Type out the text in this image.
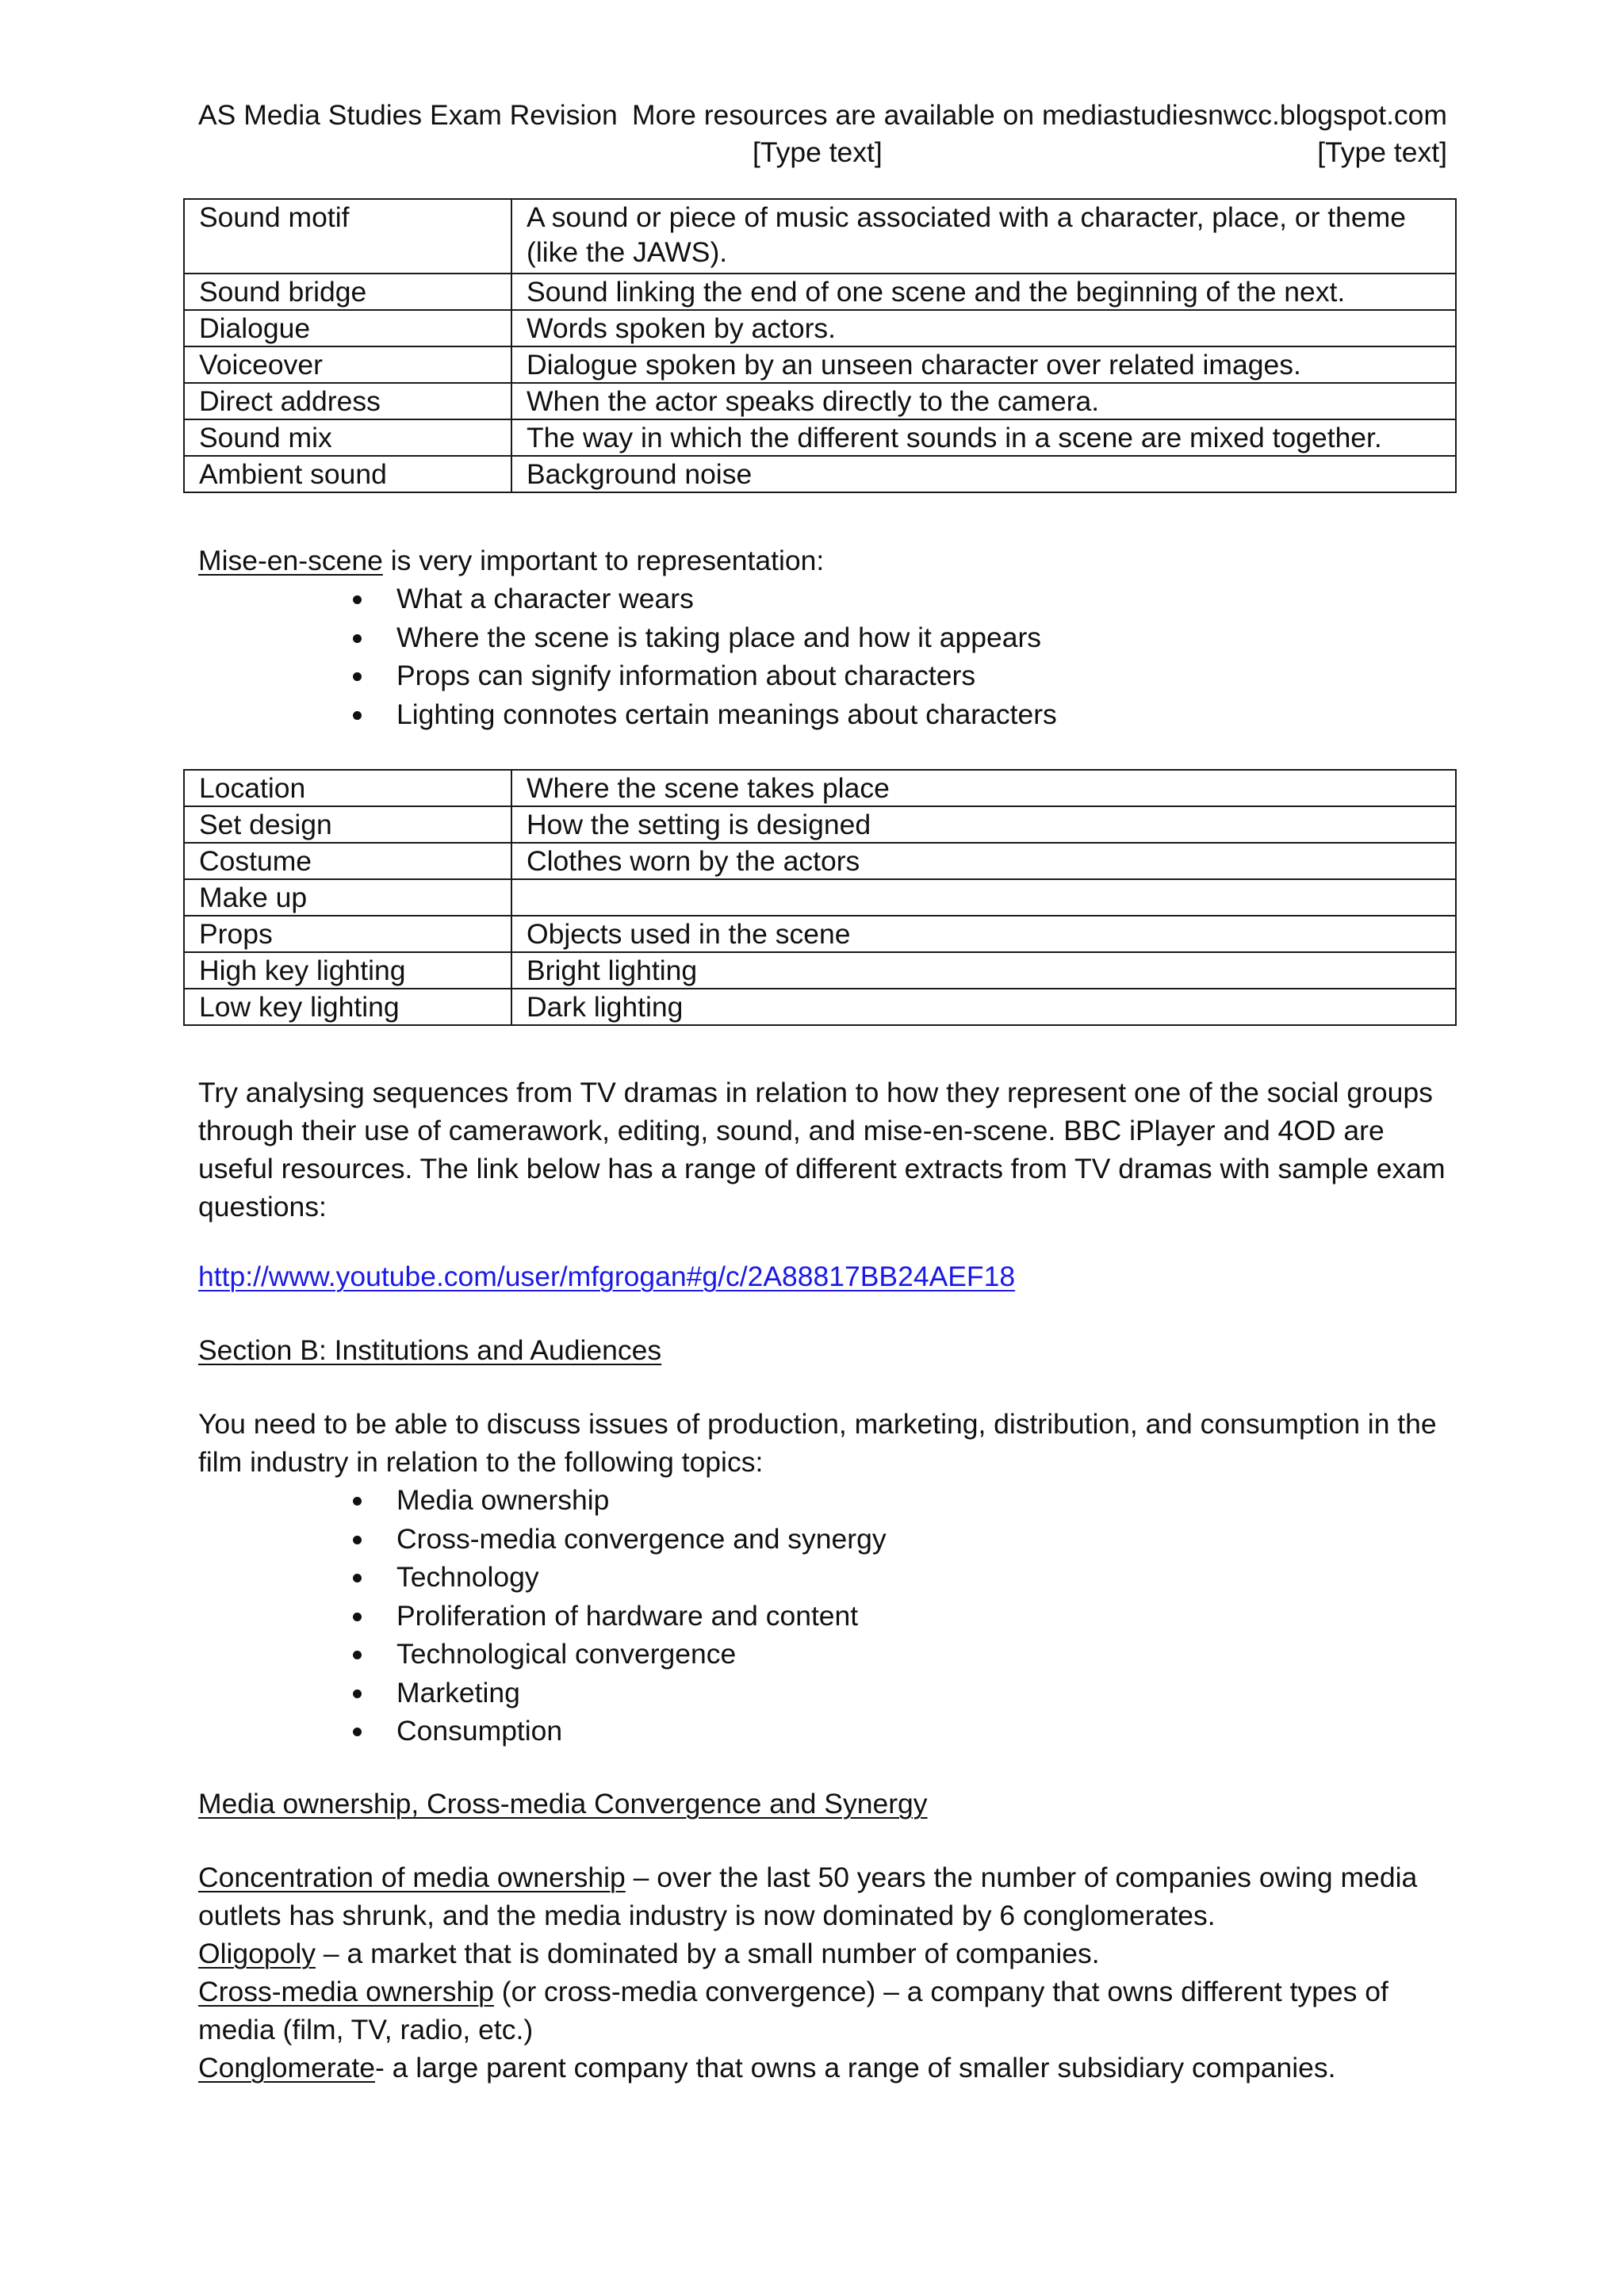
AS Media Studies Exam Revision More resources are available on mediastudiesnwcc.blogspot.com
[Type text]	[Type text]
Sound motif	A sound or piece of music associated with a character, place, or theme
(like the JAWS).

Sound bridge	Sound linking the end of one scene and the beginning of the next.
Dialogue	Words spoken by actors.
Voiceover	Dialogue spoken by an unseen character over related images.
Direct address	When the actor speaks directly to the camera.
Sound mix	The way in which the different sounds in a scene are mixed together.
Ambient sound	Background noise
Mise-en-scene is very important to representation:
What a character wears
Where the scene is taking place and how it appears
Props can signify information about characters
Lighting connotes certain meanings about characters
Location	Where the scene takes place
Set design	How the setting is designed
Costume	Clothes worn by the actors
Make up	
Props	Objects used in the scene
High key lighting	Bright lighting
Low key lighting	Dark lighting
Try analysing sequences from TV dramas in relation to how they represent one of the social groups
through their use of camerawork, editing, sound, and mise-en-scene. BBC iPlayer and 4OD are
useful resources. The link below has a range of different extracts from TV dramas with sample exam
questions:
http://www.youtube.com/user/mfgrogan#g/c/2A88817BB24AEF18
Section B: Institutions and Audiences
You need to be able to discuss issues of production, marketing, distribution, and consumption in the
film industry in relation to the following topics:
Media ownership
Cross-media convergence and synergy
Technology
Proliferation of hardware and content
Technological convergence
Marketing
Consumption
Media ownership, Cross-media Convergence and Synergy
Concentration of media ownership – over the last 50 years the number of companies owing media
outlets has shrunk, and the media industry is now dominated by 6 conglomerates.
Oligopoly – a market that is dominated by a small number of companies.
Cross-media ownership (or cross-media convergence) – a company that owns different types of
media (film, TV, radio, etc.)
Conglomerate- a large parent company that owns a range of smaller subsidiary companies.
